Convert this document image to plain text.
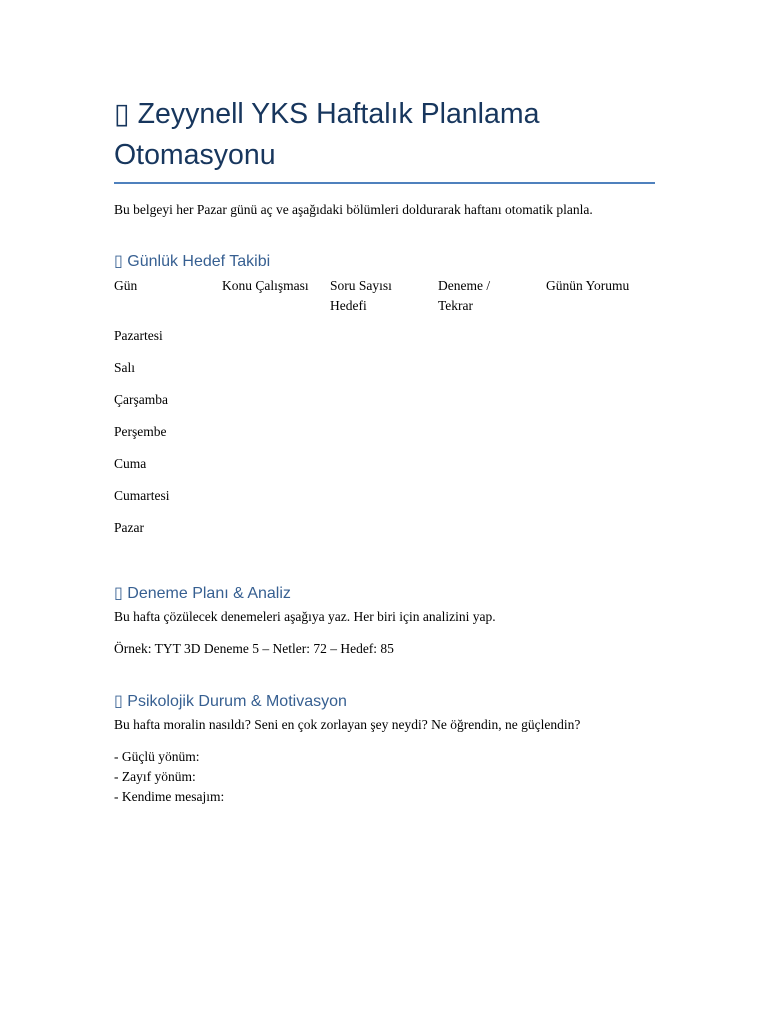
▯ Zeyynell YKS Haftalık Planlama Otomasyonu
Bu belgeyi her Pazar günü aç ve aşağıdaki bölümleri doldurarak haftanı otomatik planla.
▯ Günlük Hedef Takibi
Gün	Konu Çalışması	Soru Sayısı Hedefi
Deneme / Tekrar
Günün Yorumu
Pazartesi
Salı
Çarşamba
Perşembe
Cuma
Cumartesi
Pazar
▯ Deneme Planı & Analiz
Bu hafta çözülecek denemeleri aşağıya yaz. Her biri için analizini yap.
Örnek: TYT 3D Deneme 5 – Netler: 72 – Hedef: 85
▯ Psikolojik Durum & Motivasyon
Bu hafta moralin nasıldı? Seni en çok zorlayan şey neydi? Ne öğrendin, ne güçlendin?
- Güçlü yönüm:
- Zayıf yönüm:
- Kendime mesajım:
